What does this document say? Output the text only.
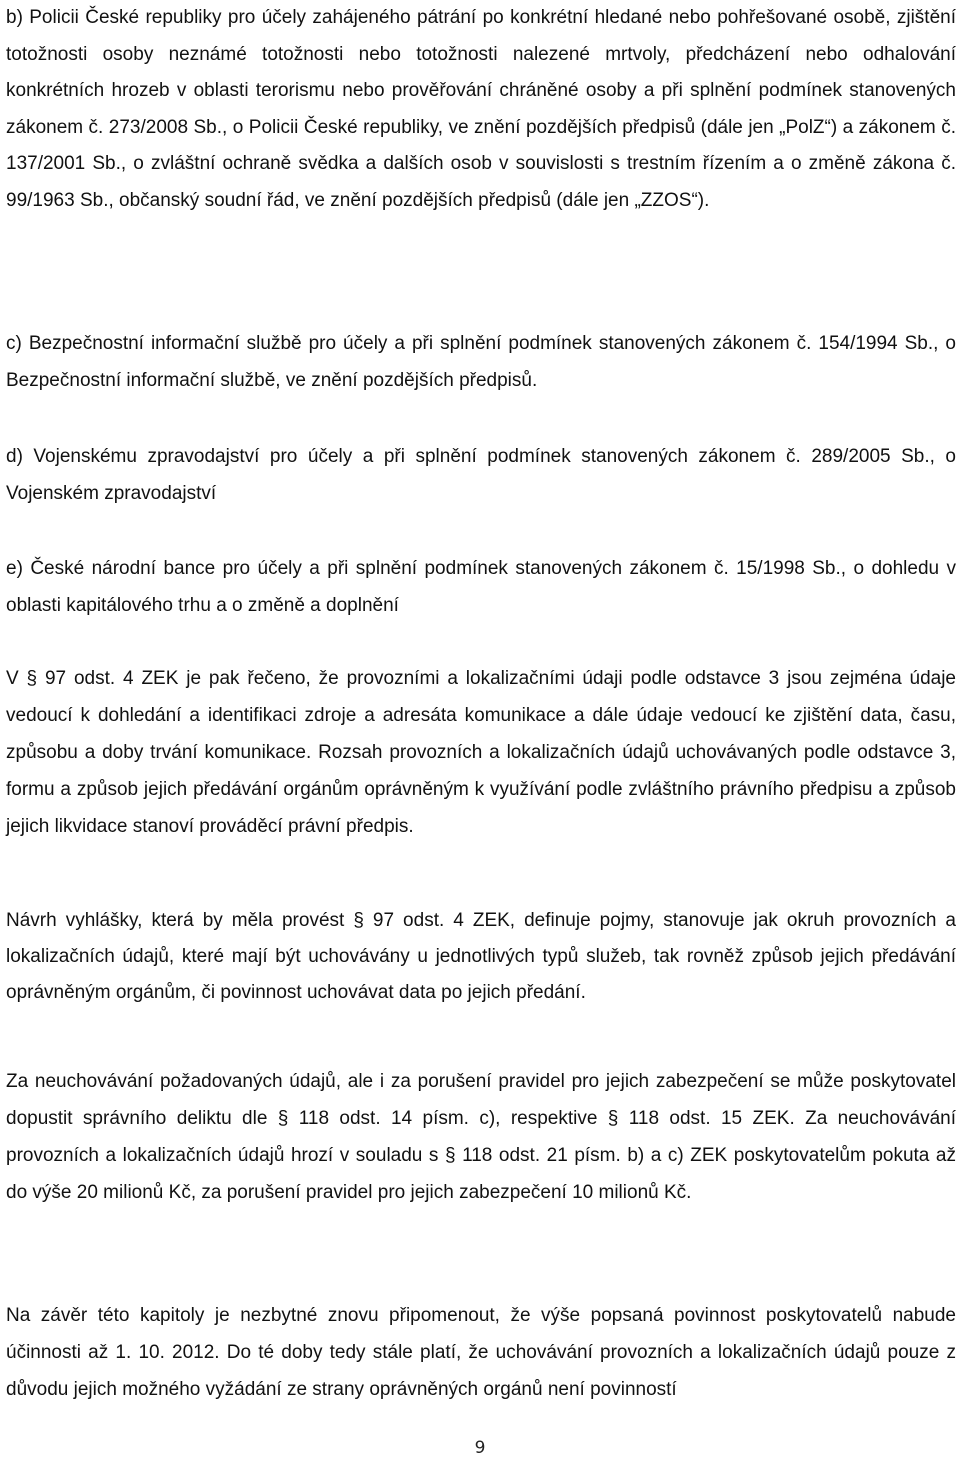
b) Policii České republiky pro účely zahájeného pátrání po konkrétní hledané nebo pohřešované osobě, zjištění totožnosti osoby neznámé totožnosti nebo totožnosti nalezené mrtvoly, předcházení nebo odhalování konkrétních hrozeb v oblasti terorismu nebo prověřování chráněné osoby a při splnění podmínek stanovených zákonem č. 273/2008 Sb., o Policii České republiky, ve znění pozdějších předpisů (dále jen „PolZ“) a zákonem č. 137/2001 Sb., o zvláštní ochraně svědka a dalších osob v souvislosti s trestním řízením a o změně zákona č. 99/1963 Sb., občanský soudní řád, ve znění pozdějších předpisů (dále jen „ZZOS“).

c) Bezpečnostní informační službě pro účely a při splnění podmínek stanovených zákonem č. 154/1994 Sb., o Bezpečnostní informační službě, ve znění pozdějších předpisů.

d) Vojenskému zpravodajství pro účely a při splnění podmínek stanovených zákonem č. 289/2005 Sb., o Vojenském zpravodajství

e) České národní bance pro účely a při splnění podmínek stanovených zákonem č. 15/1998 Sb., o dohledu v oblasti kapitálového trhu a o změně a doplnění

V § 97 odst. 4 ZEK je pak řečeno, že provozními a lokalizačními údaji podle odstavce 3 jsou zejména údaje vedoucí k dohledání a identifikaci zdroje a adresáta komunikace a dále údaje vedoucí ke zjištění data, času, způsobu a doby trvání komunikace. Rozsah provozních a lokalizačních údajů uchovávaných podle odstavce 3, formu a způsob jejich předávání orgánům oprávněným k využívání podle zvláštního právního předpisu a způsob jejich likvidace stanoví prováděcí právní předpis.

Návrh vyhlášky, která by měla provést § 97 odst. 4 ZEK, definuje pojmy, stanovuje jak okruh provozních a lokalizačních údajů, které mají být uchovávány u jednotlivých typů služeb, tak rovněž způsob jejich předávání oprávněným orgánům, či povinnost uchovávat data po jejich předání.

Za neuchovávání požadovaných údajů, ale i za porušení pravidel pro jejich zabezpečení se může poskytovatel dopustit správního deliktu dle § 118 odst. 14 písm. c), respektive § 118 odst. 15 ZEK. Za neuchovávání provozních a lokalizačních údajů hrozí v souladu s § 118 odst. 21 písm. b) a c) ZEK poskytovatelům pokuta až do výše 20 milionů Kč, za porušení pravidel pro jejich zabezpečení 10 milionů Kč.

Na závěr této kapitoly je nezbytné znovu připomenout, že výše popsaná povinnost poskytovatelů nabude účinnosti až 1. 10. 2012. Do té doby tedy stále platí, že uchovávání provozních a lokalizačních údajů pouze z důvodu jejich možného vyžádání ze strany oprávněných orgánů není povinností

9
